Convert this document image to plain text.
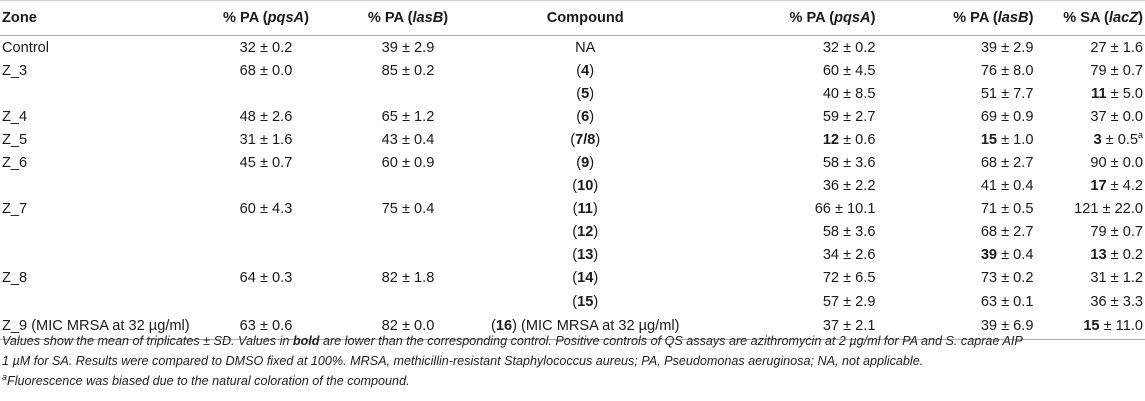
Zone	% PA (pqsA)	% PA (lasB)	Compound	% PA (pqsA)	% PA (lasB)	% SA (lacZ)
Control	32 ± 0.2	39 ± 2.9	NA	32 ± 0.2	39 ± 2.9	27 ± 1.6
Z_3	68 ± 0.0	85 ± 0.2	(4)	60 ± 4.5	76 ± 8.0	79 ± 0.7
			(5)	40 ± 8.5	51 ± 7.7	11 ± 5.0
Z_4	48 ± 2.6	65 ± 1.2	(6)	59 ± 2.7	69 ± 0.9	37 ± 0.0
Z_5	31 ± 1.6	43 ± 0.4	(7/8)	12 ± 0.6	15 ± 1.0	3 ± 0.5$^a$
Z_6	45 ± 0.7	60 ± 0.9	(9)	58 ± 3.6	68 ± 2.7	90 ± 0.0
			(10)	36 ± 2.2	41 ± 0.4	17 ± 4.2
Z_7	60 ± 4.3	75 ± 0.4	(11)	66 ± 10.1	71 ± 0.5	121 ± 22.0
			(12)	58 ± 3.6	68 ± 2.7	79 ± 0.7
			(13)	34 ± 2.6	39 ± 0.4	13 ± 0.2
Z_8	64 ± 0.3	82 ± 1.8	(14)	72 ± 6.5	73 ± 0.2	31 ± 1.2
			(15)	57 ± 2.9	63 ± 0.1	36 ± 3.3
Z_9 (MIC MRSA at 32 µg/ml)	63 ± 0.6	82 ± 0.0	(16) (MIC MRSA at 32 µg/ml)	37 ± 2.1	39 ± 6.9	15 ± 11.0
Values show the mean of triplicates ± SD. Values in bold are lower than the corresponding control. Positive controls of QS assays are azithromycin at 2 µg/ml for PA and S. caprae AIP
1 µM for SA. Results were compared to DMSO fixed at 100%. MRSA, methicillin-resistant Staphylococcus aureus; PA, Pseudomonas aeruginosa; NA, not applicable.
$^a$Fluorescence was biased due to the natural coloration of the compound.
